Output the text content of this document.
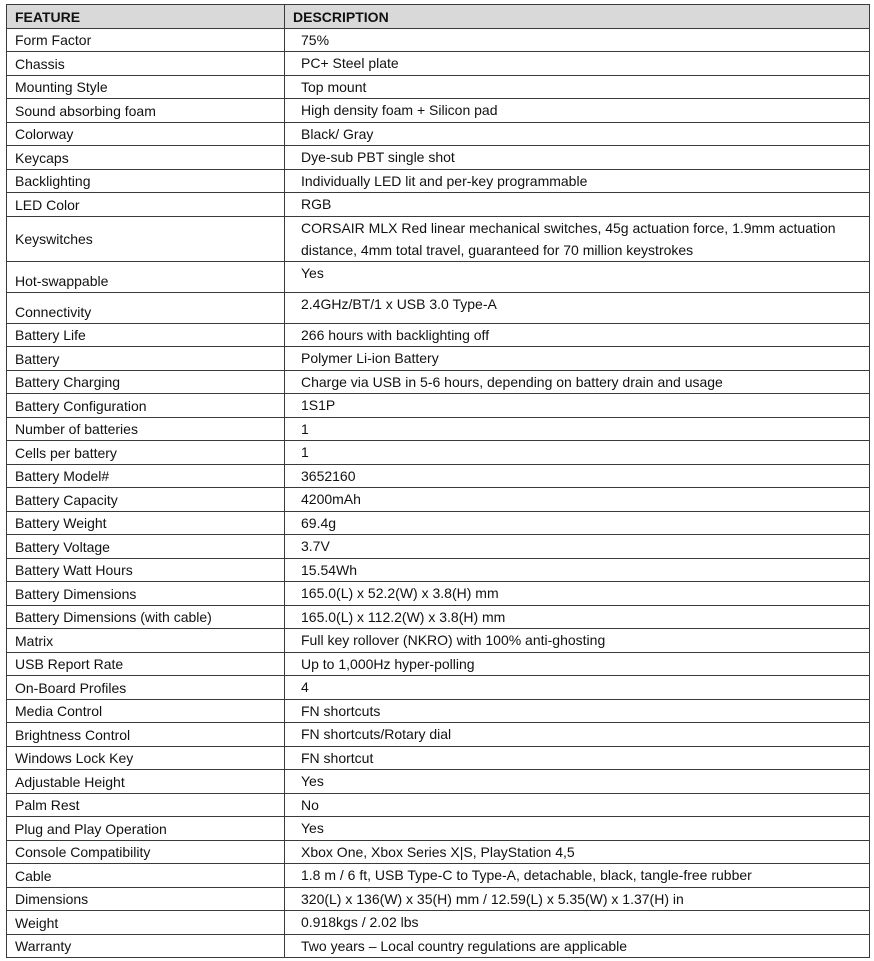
FEATURE	DESCRIPTION
Form Factor	75%
Chassis	PC+ Steel plate
Mounting Style	Top mount
Sound absorbing foam	High density foam + Silicon pad
Colorway	Black/ Gray
Keycaps	Dye-sub PBT single shot
Backlighting	Individually LED lit and per-key programmable
LED Color	RGB
Keyswitches	CORSAIR MLX Red linear mechanical switches, 45g actuation force, 1.9mm actuation distance, 4mm total travel, guaranteed for 70 million keystrokes
Hot-swappable	Yes
Connectivity	2.4GHz/BT/1 x USB 3.0 Type-A
Battery Life	266 hours with backlighting off
Battery	Polymer Li-ion Battery
Battery Charging	Charge via USB in 5-6 hours, depending on battery drain and usage
Battery Configuration	1S1P
Number of batteries	1
Cells per battery	1
Battery Model#	3652160
Battery Capacity	4200mAh
Battery Weight	69.4g
Battery Voltage	3.7V
Battery Watt Hours	15.54Wh
Battery Dimensions	165.0(L) x 52.2(W) x 3.8(H) mm
Battery Dimensions (with cable)	165.0(L) x 112.2(W) x 3.8(H) mm
Matrix	Full key rollover (NKRO) with 100% anti-ghosting
USB Report Rate	Up to 1,000Hz hyper-polling
On-Board Profiles	4
Media Control	FN shortcuts
Brightness Control	FN shortcuts/Rotary dial
Windows Lock Key	FN shortcut
Adjustable Height	Yes
Palm Rest	No
Plug and Play Operation	Yes
Console Compatibility	Xbox One, Xbox Series X|S, PlayStation 4,5
Cable	1.8 m / 6 ft, USB Type-C to Type-A, detachable, black, tangle-free rubber
Dimensions	320(L) x 136(W) x 35(H) mm / 12.59(L) x 5.35(W) x 1.37(H) in
Weight	0.918kgs / 2.02 lbs
Warranty	Two years – Local country regulations are applicable
